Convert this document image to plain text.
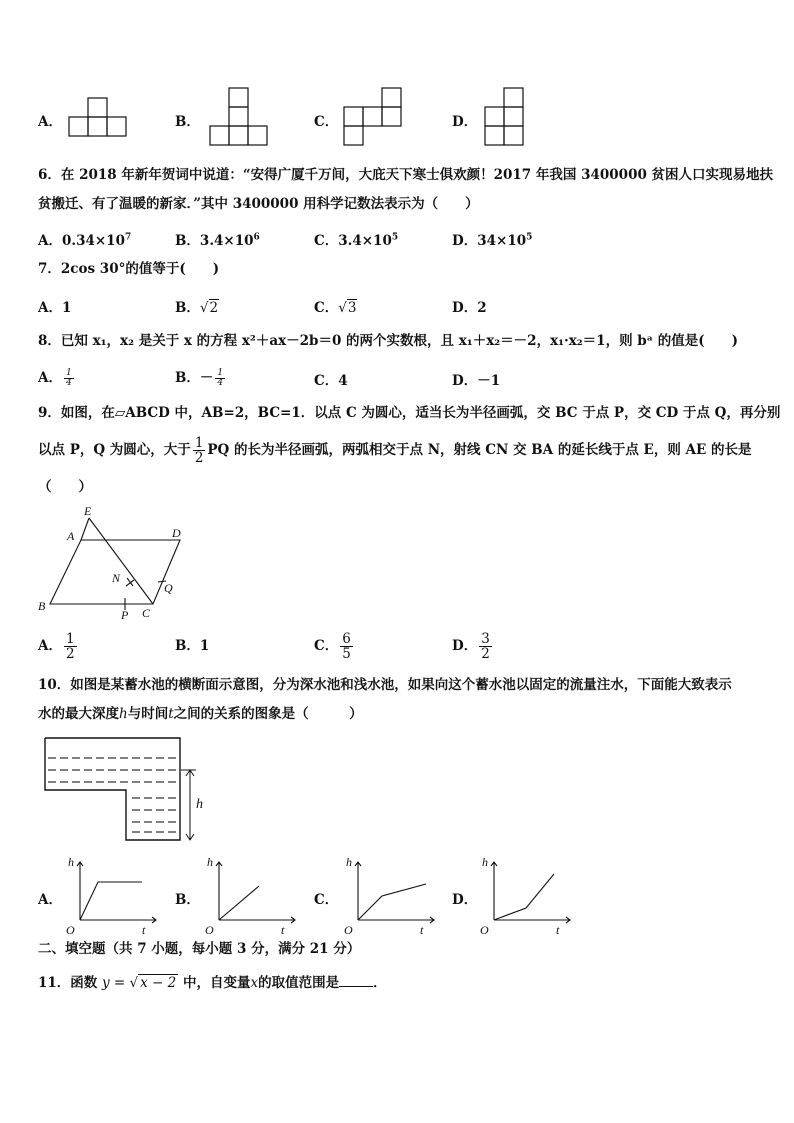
A．	B．	C．	D．
6．在 2018 年新年贺词中说道：“安得广厦千万间，大庇天下寒士俱欢颜！2017 年我国 3400000 贫困人口实现易地扶
贫搬迁、有了温暖的新家．”其中 3400000 用科学记数法表示为（　　）
A．$0.34\times 10^7$	B．$3.4\times 10^6$	C．$3.4\times 10^5$	D．$34\times 10^5$
7．2cos 30°的值等于(　　)
A．1	B．√2	C．√3	D．2
8．已知 x₁，x₂ 是关于 x 的方程 x²＋ax－2b＝0 的两个实数根，且 x₁＋x₂＝－2，x₁·x₂＝1，则 bᵃ 的值是(　　)
A． $\frac{1}{4}$	B．－ $\frac{1}{4}$	C．4	D．－1
9．如图，在▱ABCD 中，AB=2，BC=1．以点 C 为圆心，适当长为半径画弧，交 BC 于点 P，交 CD 于点 Q，再分别
以点 P，Q 为圆心，大于 $\frac{1}{2}$ PQ 的长为半径画弧，两弧相交于点 N，射线 CN 交 BA 的延长线于点 E，则 AE 的长是
（　　）
E
A	D
N
Q
B
P C
A． $\frac{1}{2}$	B．1	C． $\frac{6}{5}$	D． $\frac{3}{2}$
10．如图是某蓄水池的横断面示意图，分为深水池和浅水池，如果向这个蓄水池以固定的流量注水，下面能大致表示
水的最大深度h与时间t之间的关系的图象是（　　　）
h
A．
h
t
O
B．
h
t
O
C．
h
t
O
D．
h
t
O
二、填空题（共 7 小题，每小题 3 分，满分 21 分）
11．函数 y = √ x − 2 中，自变量x的取值范围是	．
